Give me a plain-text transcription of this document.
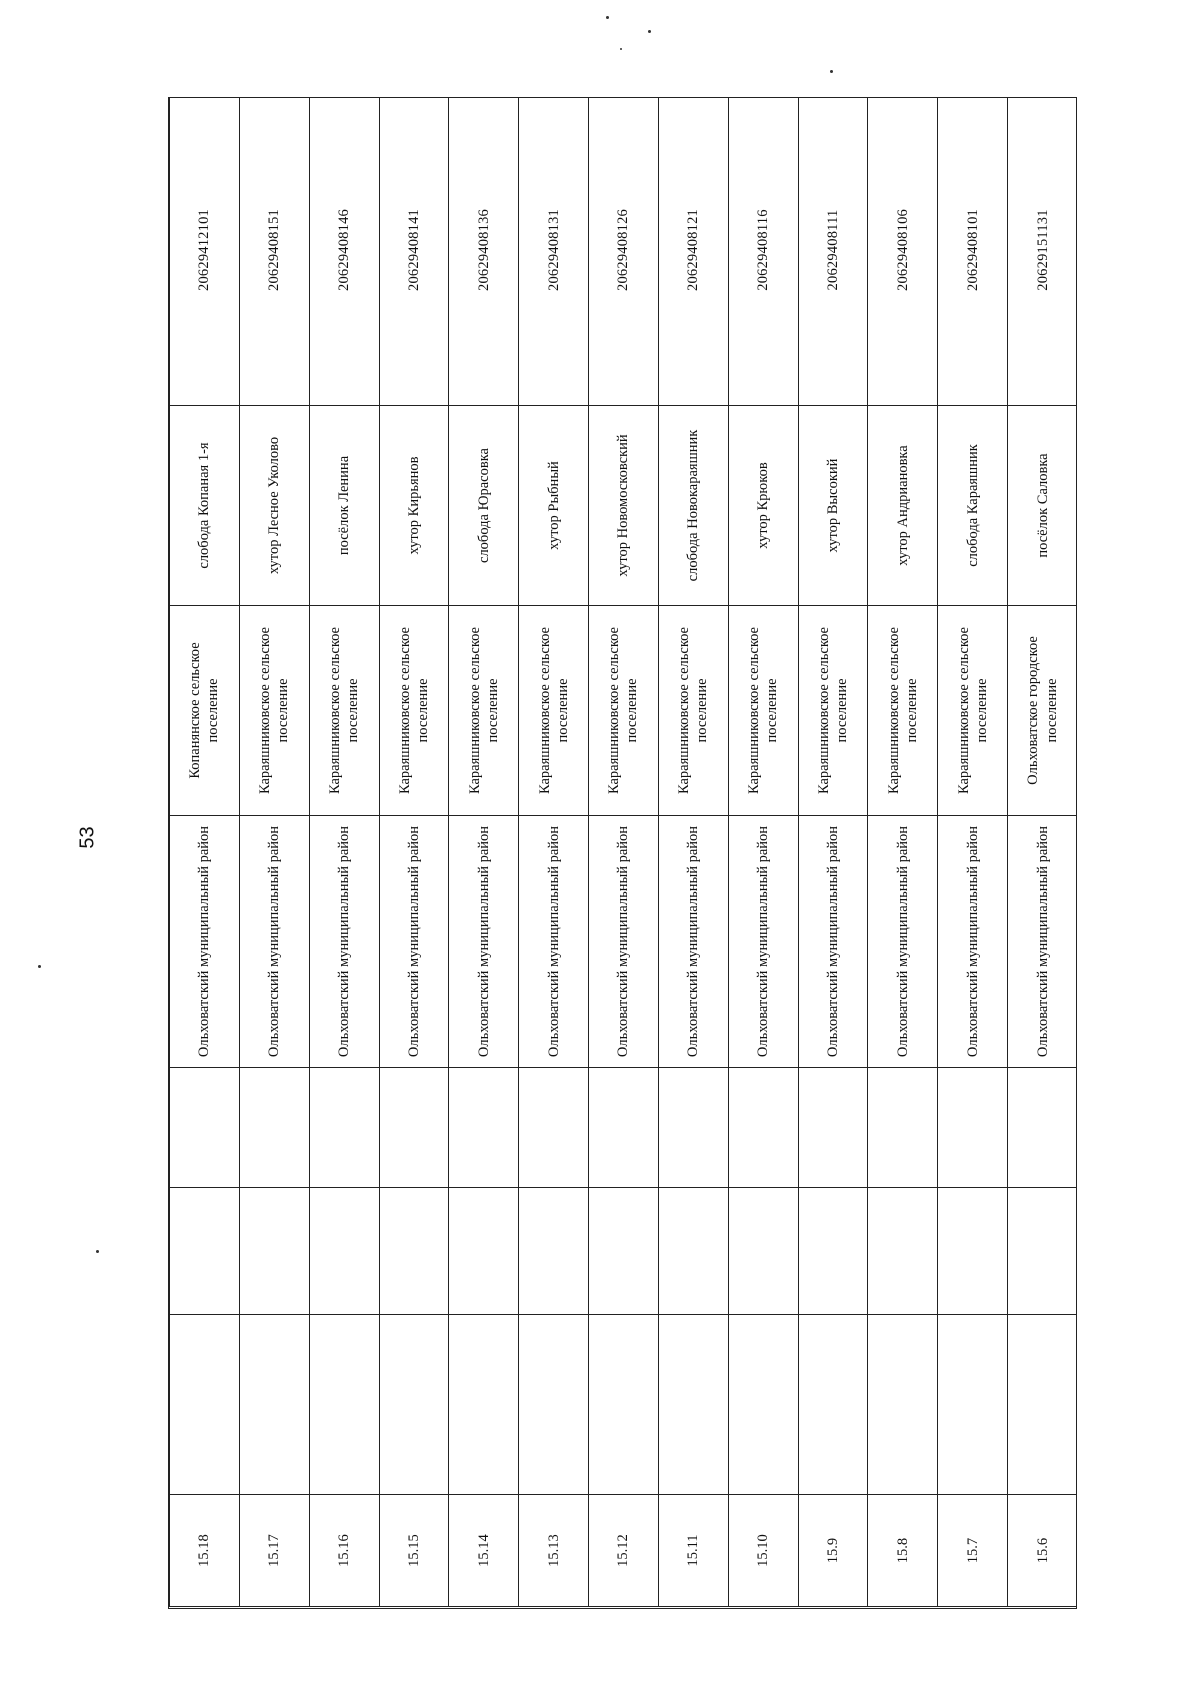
53
15.18				Ольховатский муниципальный район	Копанянское сельское поселение	слобода Копаная 1-я	20629412101
15.17				Ольховатский муниципальный район	Караяшниковское сельское поселение	хутор Лесное Уколово	20629408151
15.16				Ольховатский муниципальный район	Караяшниковское сельское поселение	посёлок Ленина	20629408146
15.15				Ольховатский муниципальный район	Караяшниковское сельское поселение	хутор Кирьянов	20629408141
15.14				Ольховатский муниципальный район	Караяшниковское сельское поселение	слобода Юрасовка	20629408136
15.13				Ольховатский муниципальный район	Караяшниковское сельское поселение	хутор Рыбный	20629408131
15.12				Ольховатский муниципальный район	Караяшниковское сельское поселение	хутор Новомосковский	20629408126
15.11				Ольховатский муниципальный район	Караяшниковское сельское поселение	слобода Новокараяшник	20629408121
15.10				Ольховатский муниципальный район	Караяшниковское сельское поселение	хутор Крюков	20629408116
15.9				Ольховатский муниципальный район	Караяшниковское сельское поселение	хутор Высокий	20629408111
15.8				Ольховатский муниципальный район	Караяшниковское сельское поселение	хутор Андриановка	20629408106
15.7				Ольховатский муниципальный район	Караяшниковское сельское поселение	слобода Караяшник	20629408101
15.6				Ольховатский муниципальный район	Ольховатское городское поселение	посёлок Саловка	20629151131
